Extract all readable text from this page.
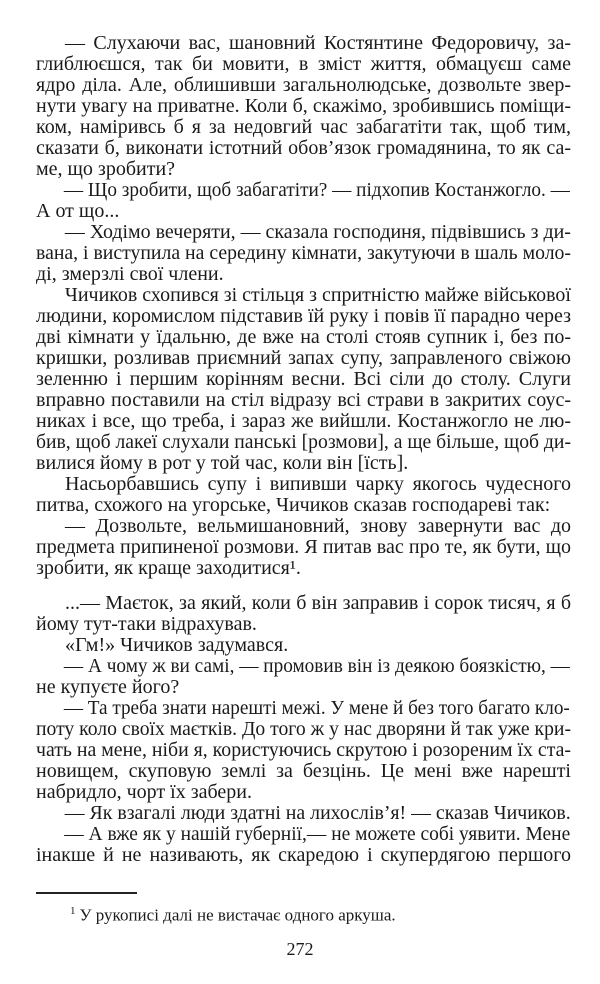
— Слухаючи вас, шановний Костянтине Федоровичу, за-
глиблюєшся, так би мовити, в зміст життя, обмацуєш саме
ядро діла. Але, облишивши загальнолюдське, дозвольте звер-
нути увагу на приватне. Коли б, скажімо, зробившись поміщи-
ком, наміривсь б я за недовгий час забагатіти так, щоб тим,
сказати б, виконати істотний обов’язок громадянина, то як са-
ме, що зробити?
— Що зробити, щоб забагатіти? — підхопив Костанжогло. —
А от що...
— Ходімо вечеряти, — сказала господиня, підвівшись з ди-
вана, і виступила на середину кімнати, закутуючи в шаль моло-
ді, змерзлі свої члени.
Чичиков схопився зі стільця з спритністю майже військової
людини, коромислом підставив їй руку і повів її парадно через
дві кімнати у їдальню, де вже на столі стояв супник і, без по-
кришки, розливав приємний запах супу, заправленого свіжою
зеленню і першим корінням весни. Всі сіли до столу. Слуги
вправно поставили на стіл відразу всі страви в закритих соус-
никах і все, що треба, і зараз же вийшли. Костанжогло не лю-
бив, щоб лакеї слухали панські [розмови], а ще більше, щоб ди-
вилися йому в рот у той час, коли він [їсть].
Насьорбавшись супу і випивши чарку якогось чудесного
питва, схожого на угорське, Чичиков сказав господареві так:
— Дозвольте, вельмишановний, знову завернути вас до
предмета припиненої розмови. Я питав вас про те, як бути, що
зробити, як краще заходитися¹.
...— Маєток, за який, коли б він заправив і сорок тисяч, я б
йому тут-таки відрахував.
«Гм!» Чичиков задумався.
— А чому ж ви самі, — промовив він із деякою боязкістю, —
не купуєте його?
— Та треба знати нарешті межі. У мене й без того багато кло-
поту коло своїх маєтків. До того ж у нас дворяни й так уже кри-
чать на мене, ніби я, користуючись скрутою і розореним їх ста-
новищем, скуповую землі за безцінь. Це мені вже нарешті
набридло, чорт їх забери.
— Як взагалі люди здатні на лихослів’я! — сказав Чичиков.
— А вже як у нашій губернії,— не можете собі уявити. Мене
інакше й не називають, як скаредою і скупердягою першого
$^1$ У рукописі далі не вистачає одного аркуша.
272
